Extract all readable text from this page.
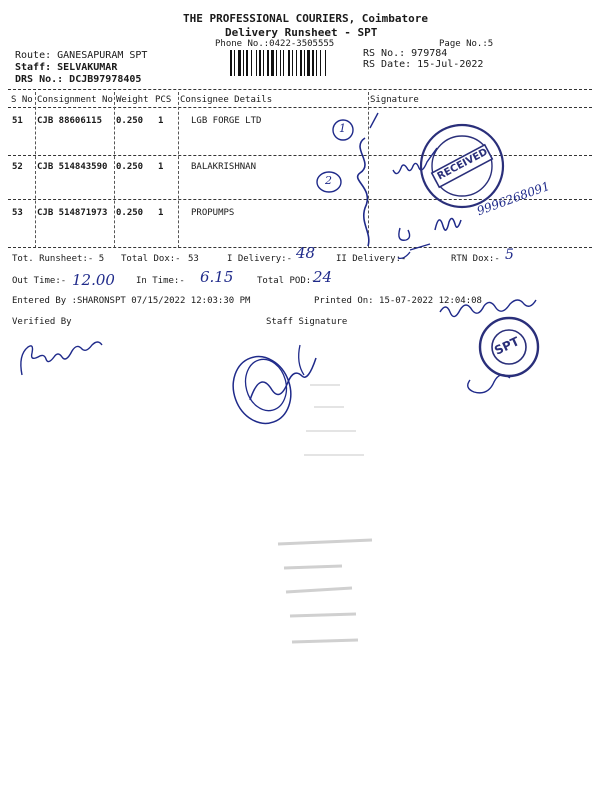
THE PROFESSIONAL COURIERS, Coimbatore
Delivery Runsheet - SPT
Phone No.:0422-3505555	Page No.:5
Route: GANESAPURAM SPT
Staff: SELVAKUMAR
DRS No.: DCJB97978405
RS No.: 979784
RS Date: 15-Jul-2022
S No Consignment No Weight PCS Consignee Details	Signature
51 CJB 88606115 0.250 1	LGB FORGE LTD
52 CJB 514843590 0.250 1	BALAKRISHNAN
53 CJB 514871973 0.250 1	PROPUMPS
Tot. Runsheet:- 5 Total Dox:- 53	I Delivery:-	II Delivery:-	RTN Dox:-
Out Time:-	In Time:-	Total POD:-
Entered By :SHARONSPT 07/15/2022 12:03:30 PM	Printed On: 15-07-2022 12:04:08
Verified By	Staff Signature
48	5
12.00	6.15	24
9996268091
1
2	RECEIVED
SPT
